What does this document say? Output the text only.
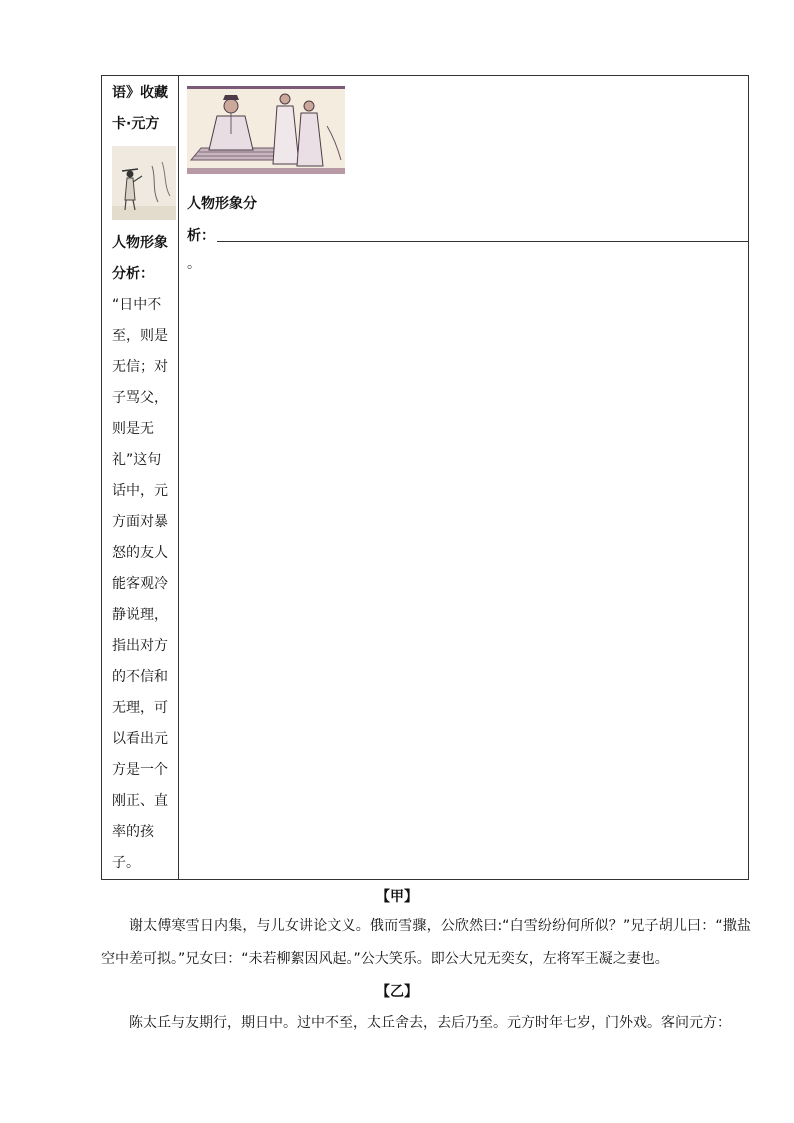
语》收藏
卡·元方
人物形象
分析：
“日中不
至，则是
无信；对
子骂父，
则是无
礼”这句
话中，元
方面对暴
怒的友人
能客观冷
静说理，
指出对方
的不信和
无理，可
以看出元
方是一个
刚正、直
率的孩
子。
人物形象分
析：
。
【甲】

谢太傅寒雪日内集，与儿女讲论文义。俄而雪骤，公欣然曰:“白雪纷纷何所似？”兄子胡儿曰：“撒盐空中差可拟。”兄女曰：“未若柳絮因风起。”公大笑乐。即公大兄无奕女，左将军王凝之妻也。

【乙】

陈太丘与友期行，期日中。过中不至，太丘舍去，去后乃至。元方时年七岁，门外戏。客问元方：
